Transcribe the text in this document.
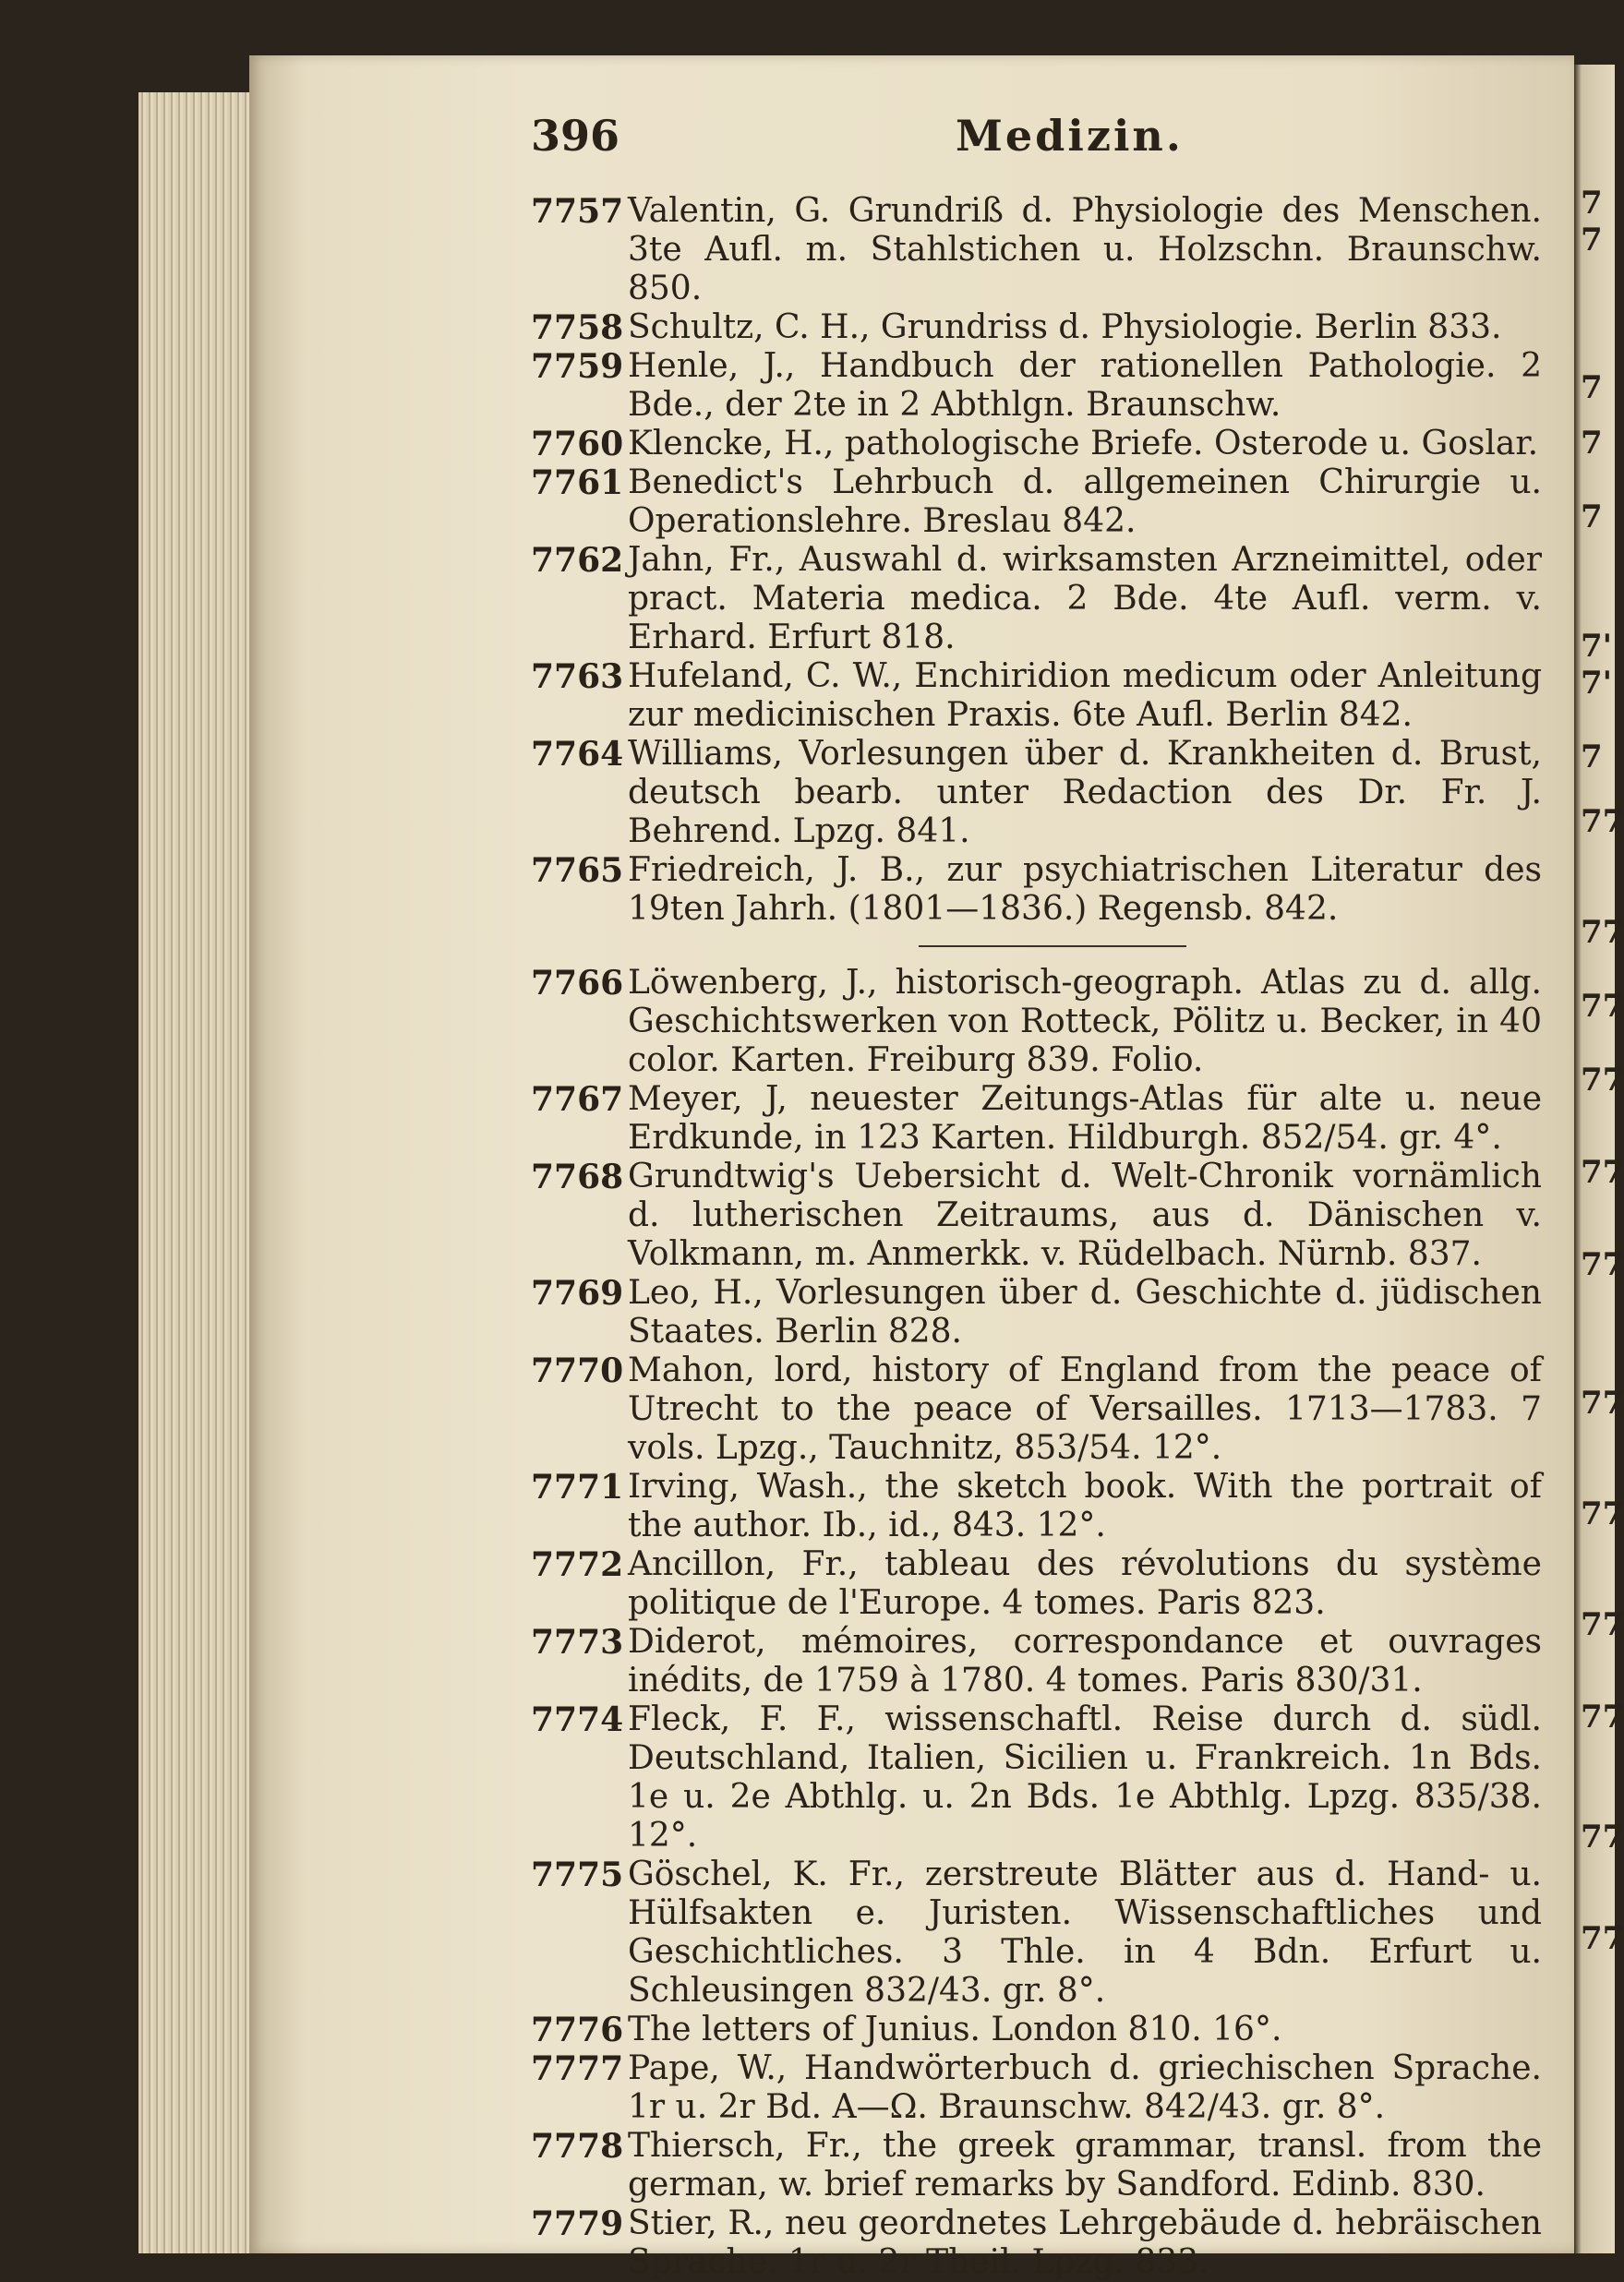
396	Medizin.
7757 Valentin, G. Grundriß d. Physiologie des Menschen. 3te Aufl. m. Stahlstichen u. Holzschn. Braunschw. 850.
7758 Schultz, C. H., Grundriss d. Physiologie. Berlin 833.
7759 Henle, J., Handbuch der rationellen Pathologie. 2 Bde., der 2te in 2 Abthlgn. Braunschw.
7760 Klencke, H., pathologische Briefe. Osterode u. Goslar.
7761 Benedict's Lehrbuch d. allgemeinen Chirurgie u. Operationslehre. Breslau 842.
7762 Jahn, Fr., Auswahl d. wirksamsten Arzneimittel, oder pract. Materia medica. 2 Bde. 4te Aufl. verm. v. Erhard. Erfurt 818.
7763 Hufeland, C. W., Enchiridion medicum oder Anleitung zur medicinischen Praxis. 6te Aufl. Berlin 842.
7764 Williams, Vorlesungen über d. Krankheiten d. Brust, deutsch bearb. unter Redaction des Dr. Fr. J. Behrend. Lpzg. 841.
7765 Friedreich, J. B., zur psychiatrischen Literatur des 19ten Jahrh. (1801—1836.) Regensb. 842.
7766 Löwenberg, J., historisch-geograph. Atlas zu d. allg. Geschichtswerken von Rotteck, Pölitz u. Becker, in 40 color. Karten. Freiburg 839. Folio.
7767 Meyer, J, neuester Zeitungs-Atlas für alte u. neue Erdkunde, in 123 Karten. Hildburgh. 852/54. gr. 4°.
7768 Grundtwig's Uebersicht d. Welt-Chronik vornämlich d. lutherischen Zeitraums, aus d. Dänischen v. Volkmann, m. Anmerkk. v. Rüdelbach. Nürnb. 837.
7769 Leo, H., Vorlesungen über d. Geschichte d. jüdischen Staates. Berlin 828.
7770 Mahon, lord, history of England from the peace of Utrecht to the peace of Versailles. 1713—1783. 7 vols. Lpzg., Tauchnitz, 853/54. 12°.
7771 Irving, Wash., the sketch book. With the portrait of the author. Ib., id., 843. 12°.
7772 Ancillon, Fr., tableau des révolutions du système politique de l'Europe. 4 tomes. Paris 823.
7773 Diderot, mémoires, correspondance et ouvrages inédits, de 1759 à 1780. 4 tomes. Paris 830/31.
7774 Fleck, F. F., wissenschaftl. Reise durch d. südl. Deutschland, Italien, Sicilien u. Frankreich. 1n Bds. 1e u. 2e Abthlg. u. 2n Bds. 1e Abthlg. Lpzg. 835/38. 12°.
7775 Göschel, K. Fr., zerstreute Blätter aus d. Hand- u. Hülfsakten e. Juristen. Wissenschaftliches und Geschichtliches. 3 Thle. in 4 Bdn. Erfurt u. Schleusingen 832/43. gr. 8°.
7776 The letters of Junius. London 810. 16°.
7777 Pape, W., Handwörterbuch d. griechischen Sprache. 1r u. 2r Bd. A—Ω. Braunschw. 842/43. gr. 8°.
7778 Thiersch, Fr., the greek grammar, transl. from the german, w. brief remarks by Sandford. Edinb. 830.
7779 Stier, R., neu geordnetes Lehrgebäude d. hebräischen Sprache. 1r u. 2r Theil. Lpzg. 833.
7
7
7
7
7
7'
7'
7
77
77
77
77
77
77
77
77
77
77
77
77
